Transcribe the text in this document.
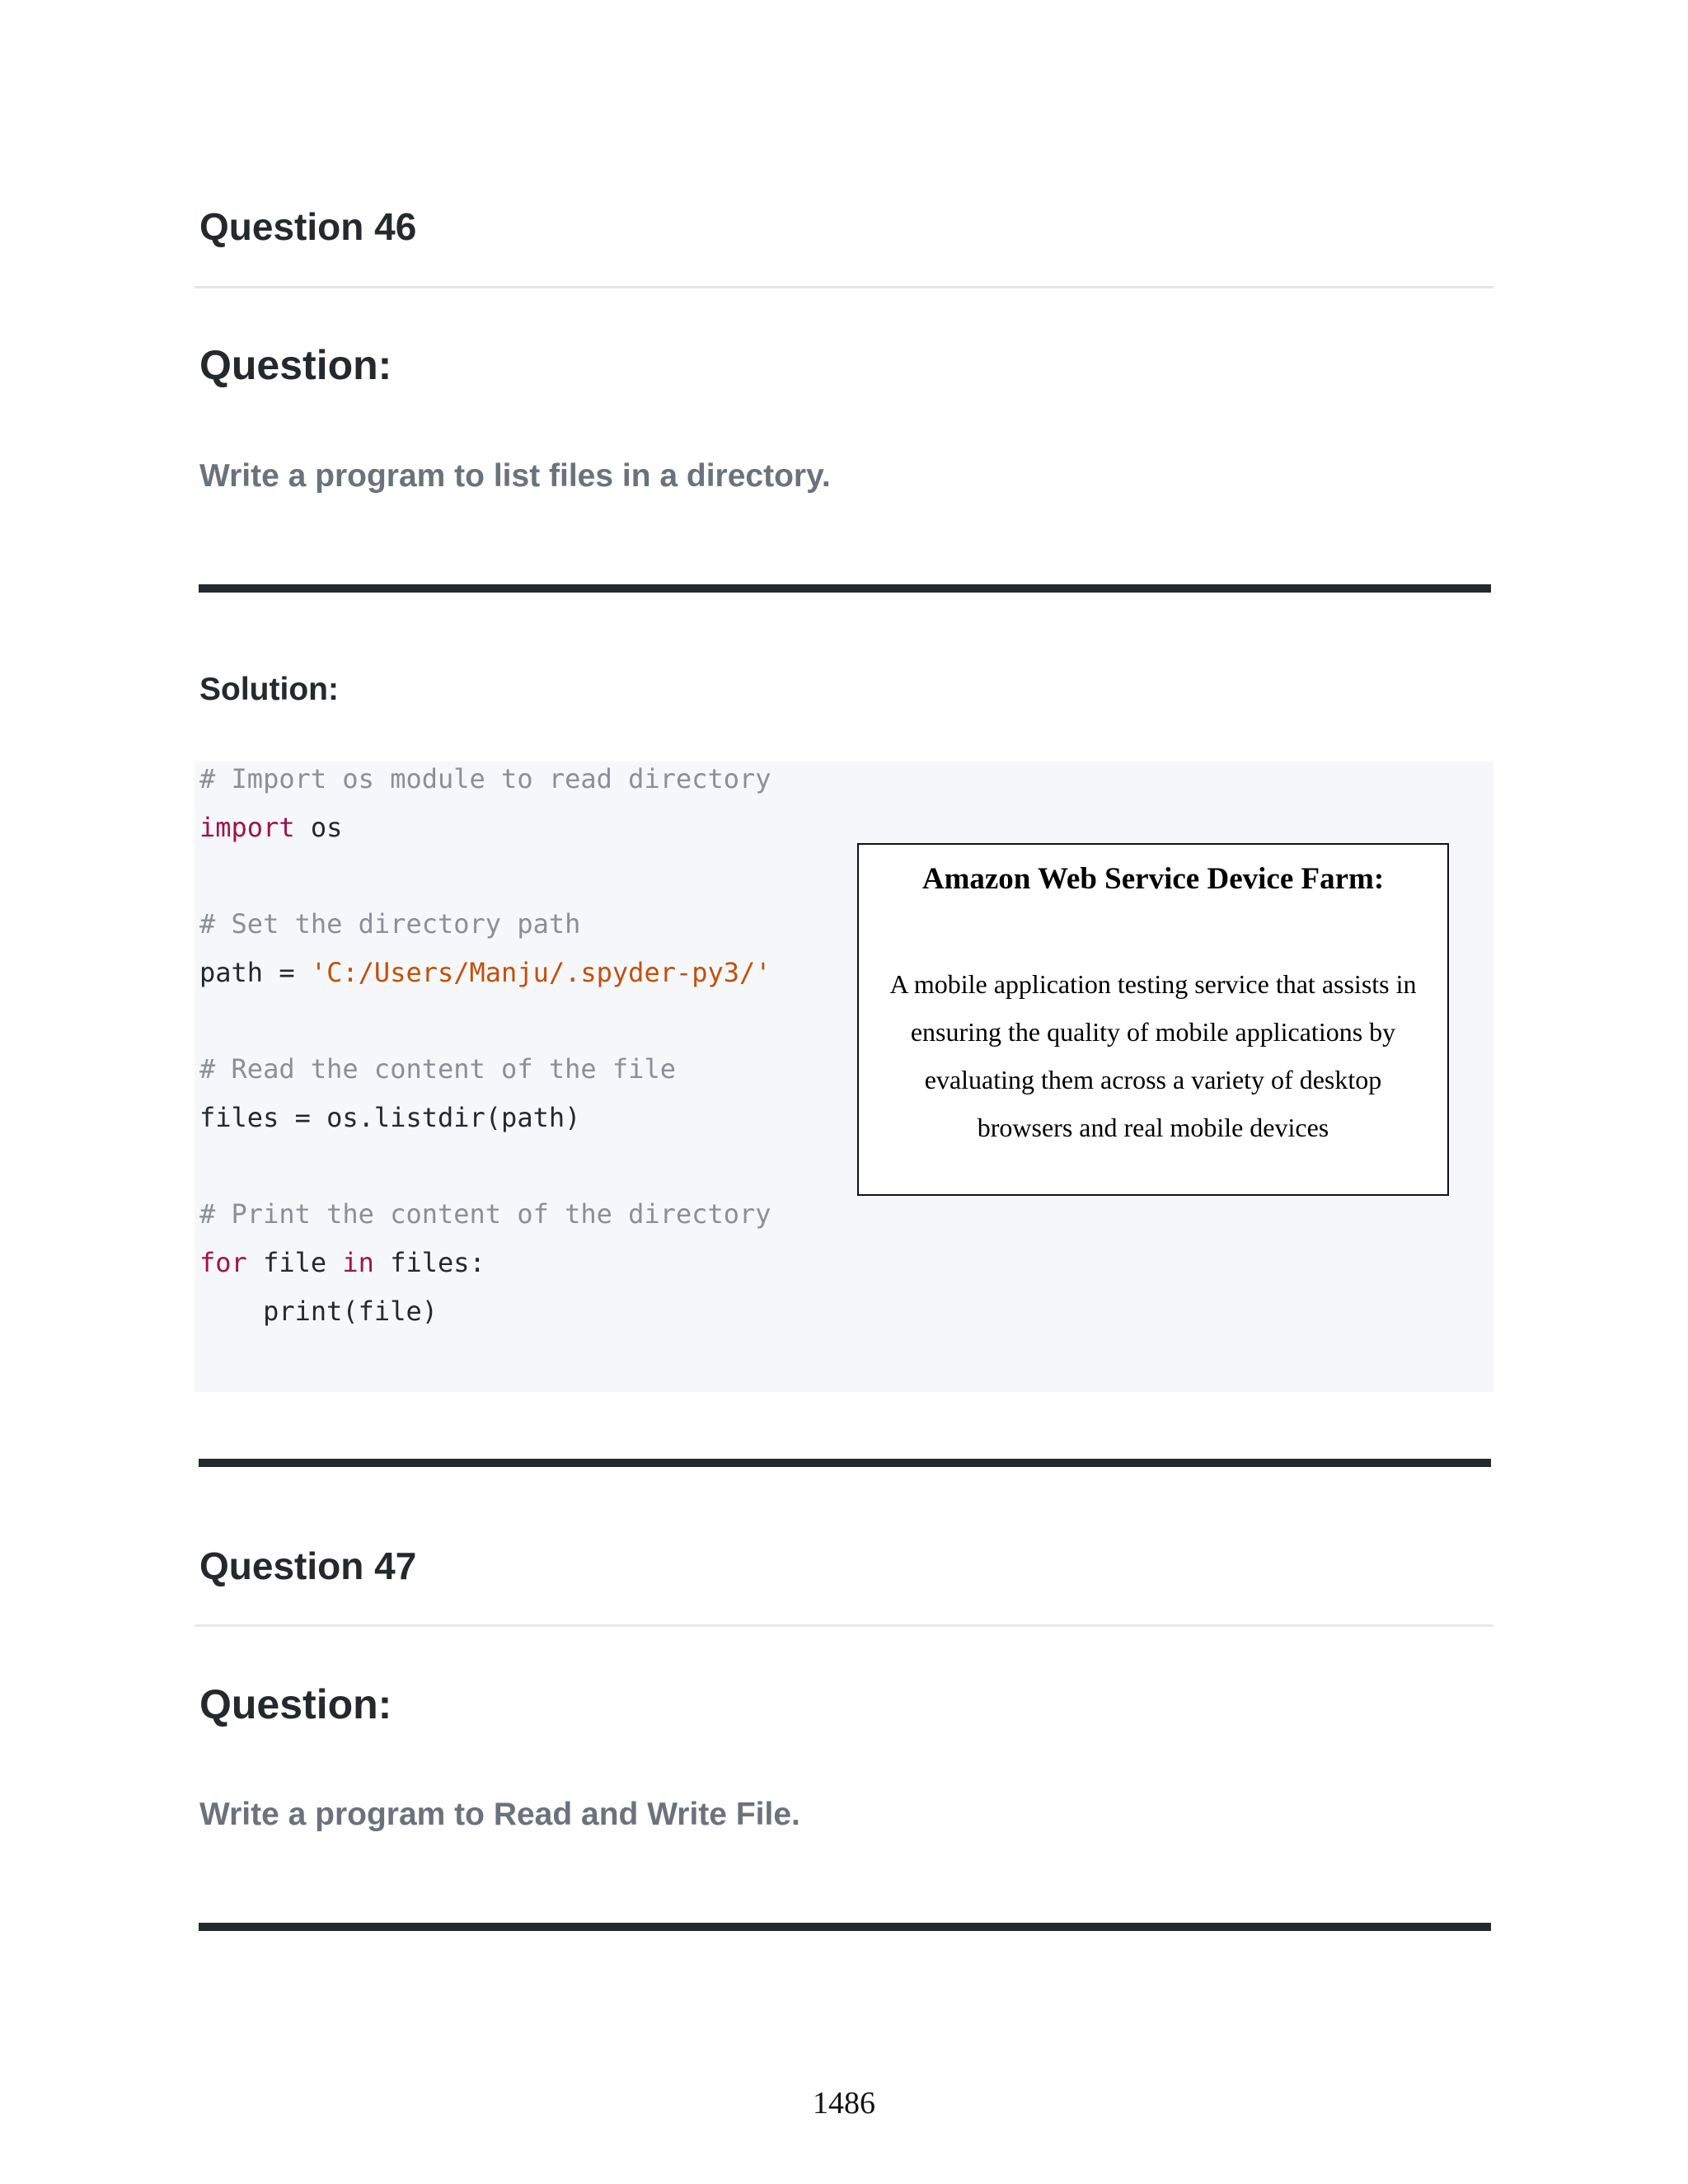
Question 46
Question:

Write a program to list files in a directory.

Solution:
# Import os module to read directory
import os
# Set the directory path
path = 'C:/Users/Manju/.spyder-py3/'
# Read the content of the file
files = os.listdir(path)
# Print the content of the directory
for file in files:
print(file)
Amazon Web Service Device Farm:
A mobile application testing service that assists in ensuring the quality of mobile applications by evaluating them across a variety of desktop browsers and real mobile devices
Question 47
Question:

Write a program to Read and Write File.

1486
